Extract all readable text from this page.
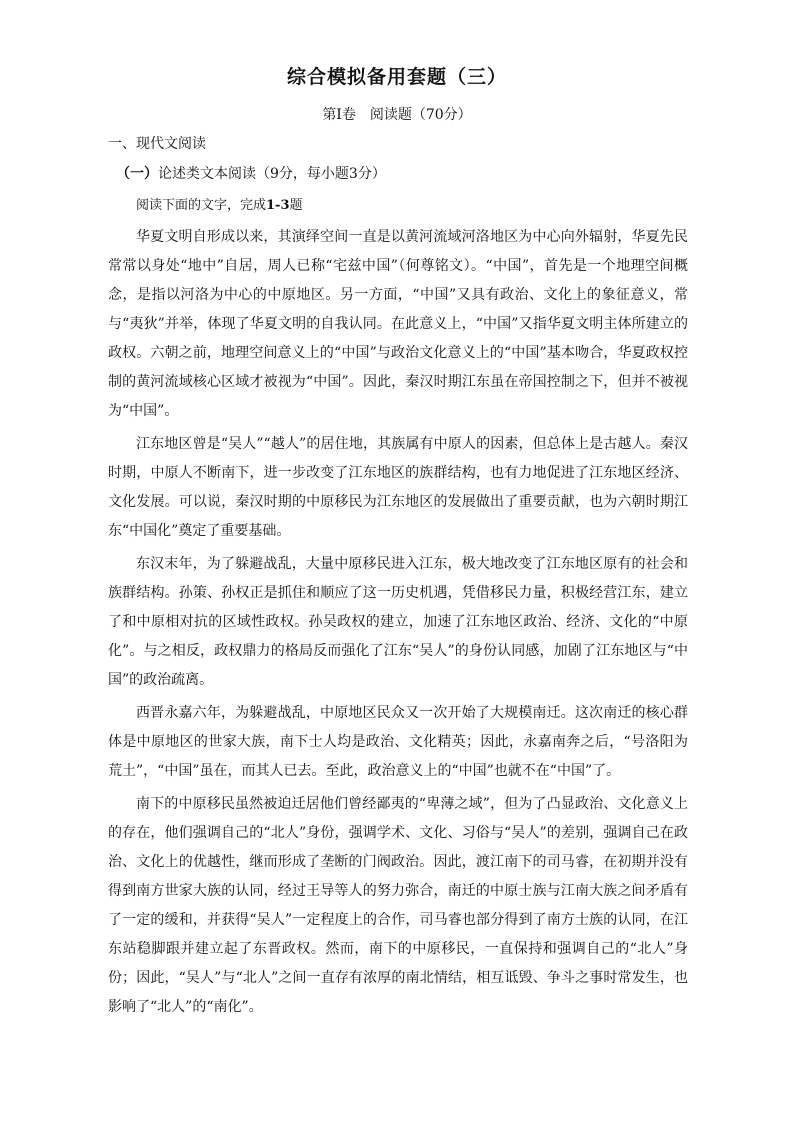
综合模拟备用套题（三）
第Ⅰ卷　阅读题（70分）
一、现代文阅读
（一）论述类文本阅读（9分，每小题3分）
阅读下面的文字，完成1-3题

华夏文明自形成以来，其演绎空间一直是以黄河流域河洛地区为中心向外辐射，华夏先民常常以身处“地中”自居，周人已称“宅兹中国”（何尊铭文）。“中国”，首先是一个地理空间概念，是指以河洛为中心的中原地区。另一方面，“中国”又具有政治、文化上的象征意义，常与“夷狄”并举，体现了华夏文明的自我认同。在此意义上，“中国”又指华夏文明主体所建立的政权。六朝之前，地理空间意义上的“中国”与政治文化意义上的“中国”基本吻合，华夏政权控制的黄河流域核心区域才被视为“中国”。因此，秦汉时期江东虽在帝国控制之下，但并不被视为“中国”。

江东地区曾是“吴人”“越人”的居住地，其族属有中原人的因素，但总体上是古越人。秦汉时期，中原人不断南下，进一步改变了江东地区的族群结构，也有力地促进了江东地区经济、文化发展。可以说，秦汉时期的中原移民为江东地区的发展做出了重要贡献，也为六朝时期江东“中国化”奠定了重要基础。

东汉末年，为了躲避战乱，大量中原移民进入江东，极大地改变了江东地区原有的社会和族群结构。孙策、孙权正是抓住和顺应了这一历史机遇，凭借移民力量，积极经营江东，建立了和中原相对抗的区域性政权。孙吴政权的建立，加速了江东地区政治、经济、文化的“中原化”。与之相反，政权鼎力的格局反而强化了江东“吴人”的身份认同感，加剧了江东地区与“中国”的政治疏离。

西晋永嘉六年，为躲避战乱，中原地区民众又一次开始了大规模南迁。这次南迁的核心群体是中原地区的世家大族，南下士人均是政治、文化精英；因此，永嘉南奔之后，“号洛阳为荒土”，“中国”虽在，而其人已去。至此，政治意义上的“中国”也就不在“中国”了。

南下的中原移民虽然被迫迁居他们曾经鄙夷的“卑薄之域”，但为了凸显政治、文化意义上的存在，他们强调自己的“北人”身份，强调学术、文化、习俗与“吴人”的差别，强调自己在政治、文化上的优越性，继而形成了垄断的门阀政治。因此，渡江南下的司马睿，在初期并没有得到南方世家大族的认同，经过王导等人的努力弥合，南迁的中原士族与江南大族之间矛盾有了一定的缓和，并获得“吴人”一定程度上的合作，司马睿也部分得到了南方士族的认同，在江东站稳脚跟并建立起了东晋政权。然而，南下的中原移民，一直保持和强调自己的“北人”身份；因此，“吴人”与“北人”之间一直存有浓厚的南北情结，相互诋毁、争斗之事时常发生，也影响了“北人”的“南化”。
